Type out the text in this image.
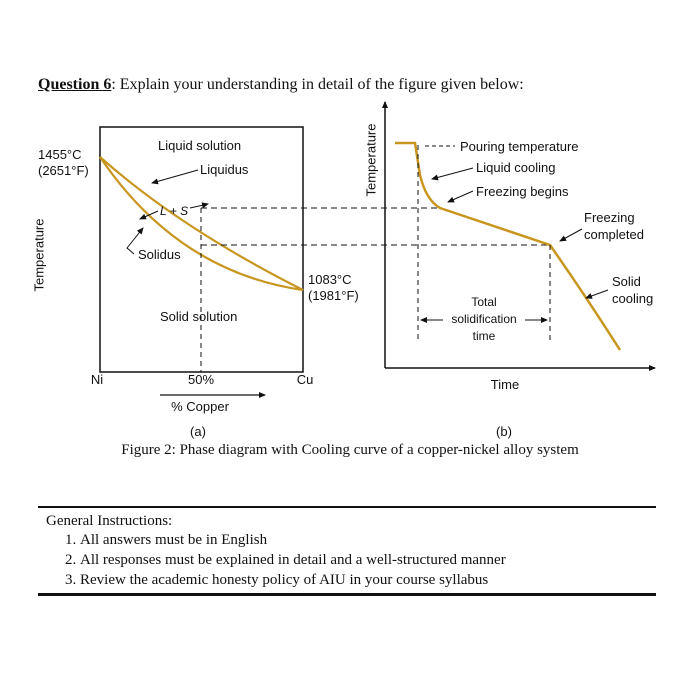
Question 6: Explain your understanding in detail of the figure given below:
1455°C
(2651°F)
Liquid solution
Liquidus
L + S
Solidus
Solid solution
1083°C
(1981°F)
Temperature
Ni	50%	Cu
% Copper
(a)
Temperature
Time
Pouring temperature
Liquid cooling
Freezing begins
Freezing
completed
Solid
cooling
Total
solidification
time
(b)
Figure 2: Phase diagram with Cooling curve of a copper-nickel alloy system
General Instructions:
1. All answers must be in English
2. All responses must be explained in detail and a well-structured manner
3. Review the academic honesty policy of AIU in your course syllabus
